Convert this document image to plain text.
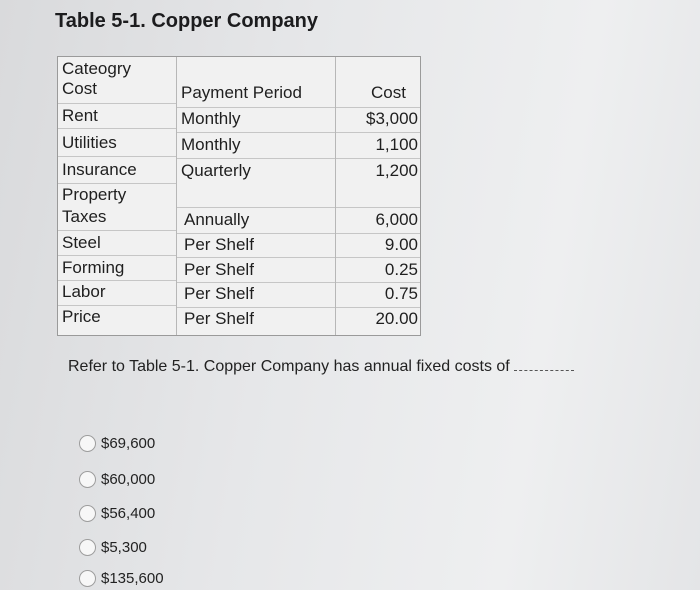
Table 5-1. Copper Company
Cateogry
Cost
Rent
Utilities
Insurance
Property
Taxes
Steel
Forming
Labor
Price
Payment Period
Monthly
Monthly
Quarterly
Annually
Per Shelf
Per Shelf
Per Shelf
Per Shelf
Cost
$3,000
1,100
1,200
6,000
9.00
0.25
0.75
20.00
Refer to Table 5-1. Copper Company has annual fixed costs of
$69,600
$60,000
$56,400
$5,300
$135,600
